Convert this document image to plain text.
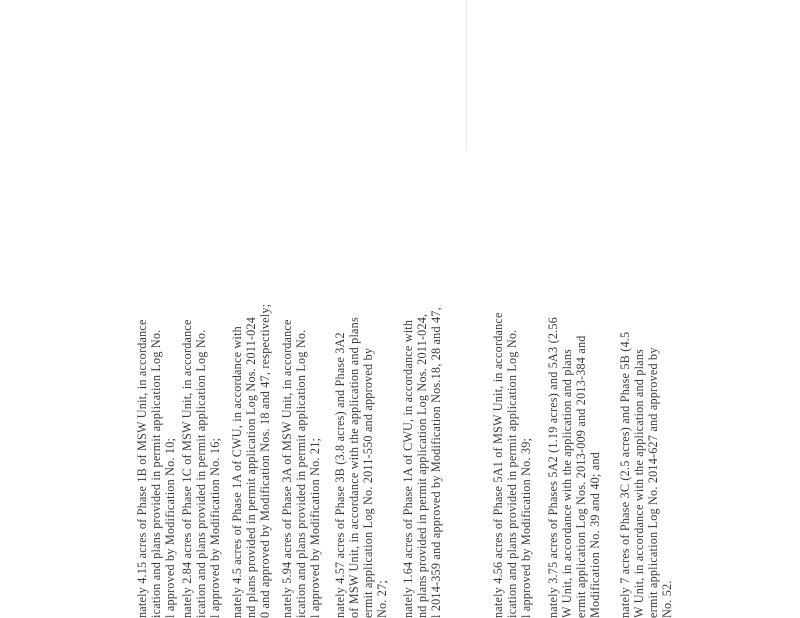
nately 4.15 acres of Phase 1B of MSW Unit, in accordance ication and plans provided in permit application Log No. l approved by Modification No. 10; nately 2.84 acres of Phase 1C of MSW Unit, in accordance ication and plans provided in permit application Log No. l approved by Modification No. 16; nately 4.5 acres of Phase 1A of CWU, in accordance with nd plans provided in permit application Log Nos. 2011-024 0 and approved by Modification Nos. 18 and 47, respectively; nately 5.94 acres of Phase 3A of MSW Unit, in accordance ication and plans provided in permit application Log No. l approved by Modification No. 21; nately 4.57 acres of Phase 3B (3.8 acres) and Phase 3A2 of MSW Unit, in accordance with the application and plans ermit application Log No. 2011-550 and approved by No. 27; nately 1.64 acres of Phase 1A of CWU, in accordance with nd plans provided in permit application Log Nos. 2011-024, l 2014-359 and approved by Modification Nos.18, 28 and 47,	nately 4.56 acres of Phase 5A1 of MSW Unit, in accordance ication and plans provided in permit application Log No. l approved by Modification No. 39; nately 3.75 acres of Phases 5A2 (1.19 acres) and 5A3 (2.56 W Unit, in accordance with the application and plans ermit application Log Nos. 2013-009 and 2013-384 and Modification No. 39 and 40; and nately 7 acres of Phase 3C (2.5 acres) and Phase 5B (4.5 W Unit, in accordance with the application and plans ermit application Log No. 2014-627 and approved by No. 52.
